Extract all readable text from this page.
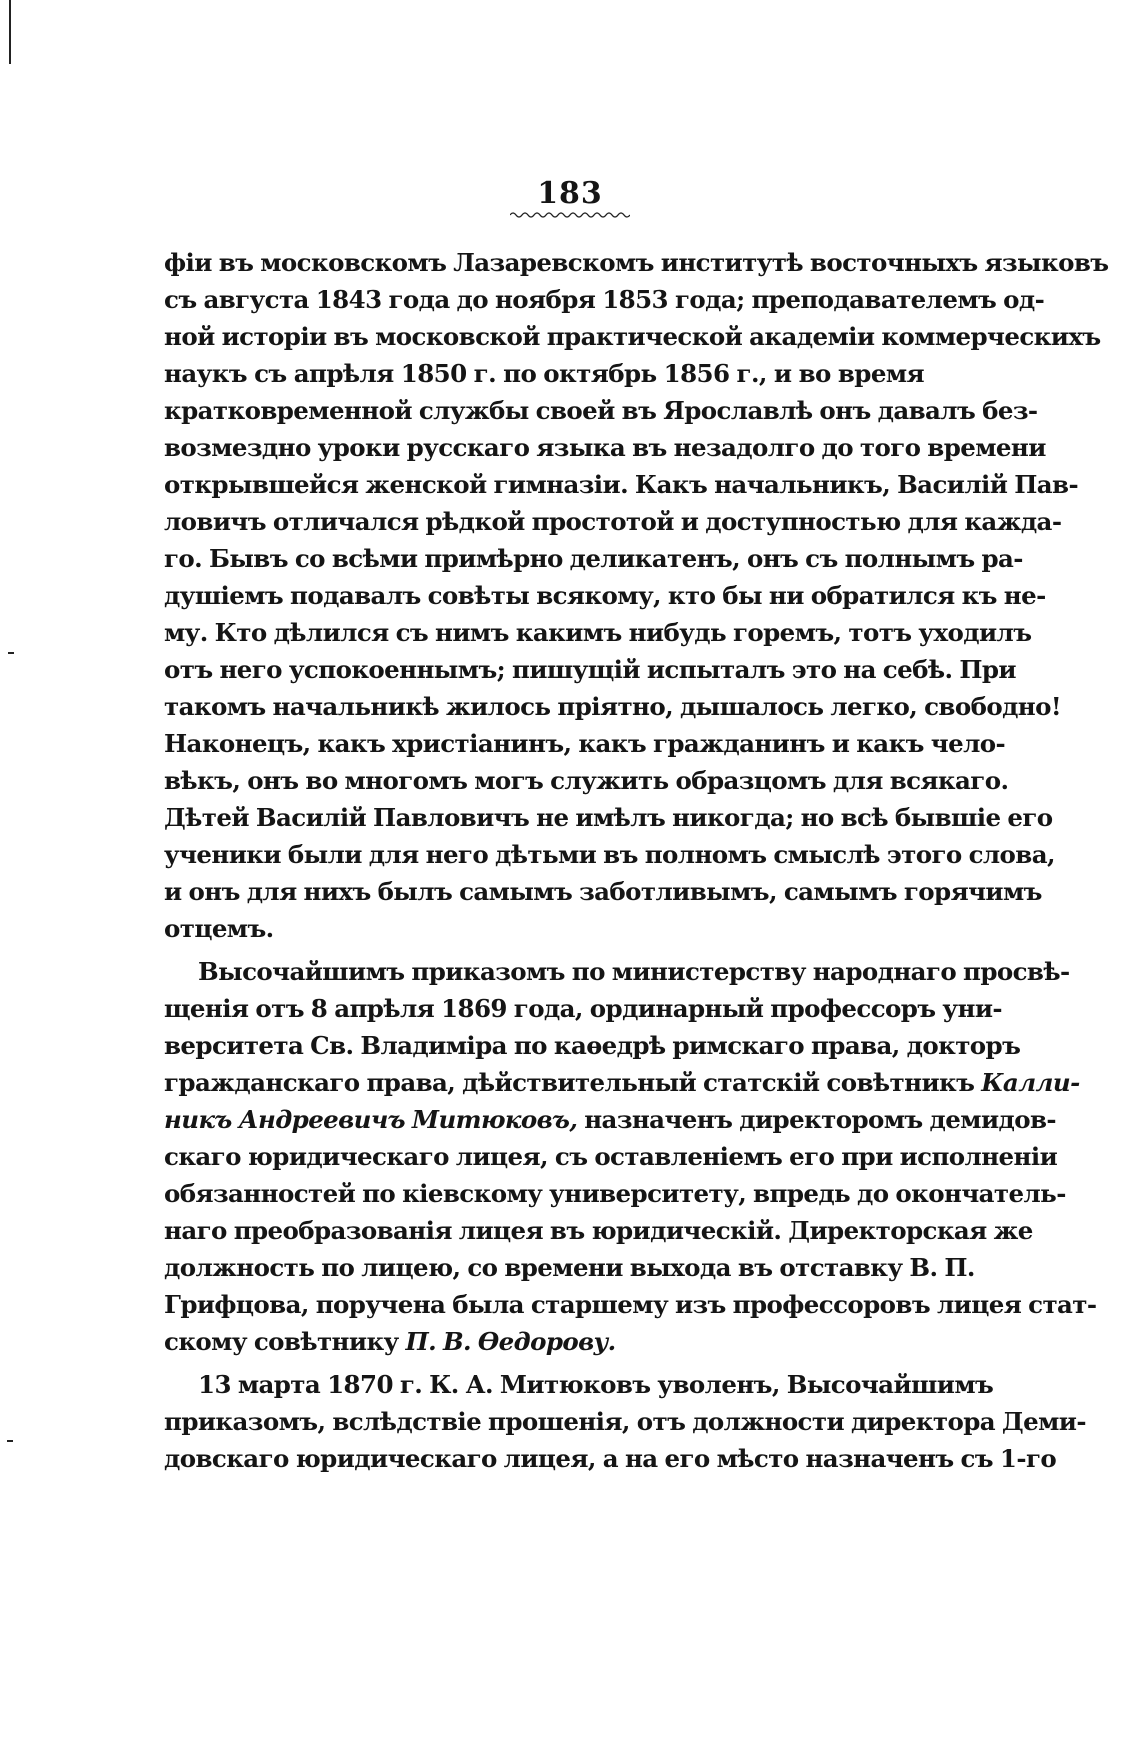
183
фіи въ московскомъ Лазаревскомъ институтѣ восточныхъ языковъ
съ августа 1843 года до ноября 1853 года; преподавателемъ од-
ной исторіи въ московской практической академіи коммерческихъ
наукъ съ апрѣля 1850 г. по октябрь 1856 г., и во время
кратковременной службы своей въ Ярославлѣ онъ давалъ без-
возмездно уроки русскаго языка въ незадолго до того времени
открывшейся женской гимназіи. Какъ начальникъ, Василій Пав-
ловичъ отличался рѣдкой простотой и доступностью для кажда-
го. Бывъ со всѣми примѣрно деликатенъ, онъ съ полнымъ ра-
душіемъ подавалъ совѣты всякому, кто бы ни обратился къ не-
му. Кто дѣлился съ нимъ какимъ нибудь горемъ, тотъ уходилъ
отъ него успокоеннымъ; пишущій испыталъ это на себѣ. При
такомъ начальникѣ жилось пріятно, дышалось легко, свободно!
Наконецъ, какъ христіанинъ, какъ гражданинъ и какъ чело-
вѣкъ, онъ во многомъ могъ служить образцомъ для всякаго.
Дѣтей Василій Павловичъ не имѣлъ никогда; но всѣ бывшіе его
ученики были для него дѣтьми въ полномъ смыслѣ этого слова,
и онъ для нихъ былъ самымъ заботливымъ, самымъ горячимъ
отцемъ.
Высочайшимъ приказомъ по министерству народнаго просвѣ-
щенія отъ 8 апрѣля 1869 года, ординарный профессоръ уни-
верситета Св. Владиміра по каѳедрѣ римскаго права, докторъ
гражданскаго права, дѣйствительный статскій совѣтникъ Калли-
никъ Андреевичъ Митюковъ, назначенъ директоромъ демидов-
скаго юридическаго лицея, съ оставленіемъ его при исполненіи
обязанностей по кіевскому университету, впредь до окончатель-
наго преобразованія лицея въ юридическій. Директорская же
должность по лицею, со времени выхода въ отставку В. П.
Грифцова, поручена была старшему изъ профессоровъ лицея стат-
скому совѣтнику П. В. Ѳедорову.
13 марта 1870 г. К. А. Митюковъ уволенъ, Высочайшимъ
приказомъ, вслѣдствіе прошенія, отъ должности директора Деми-
довскаго юридическаго лицея, а на его мѣсто назначенъ съ 1-го
